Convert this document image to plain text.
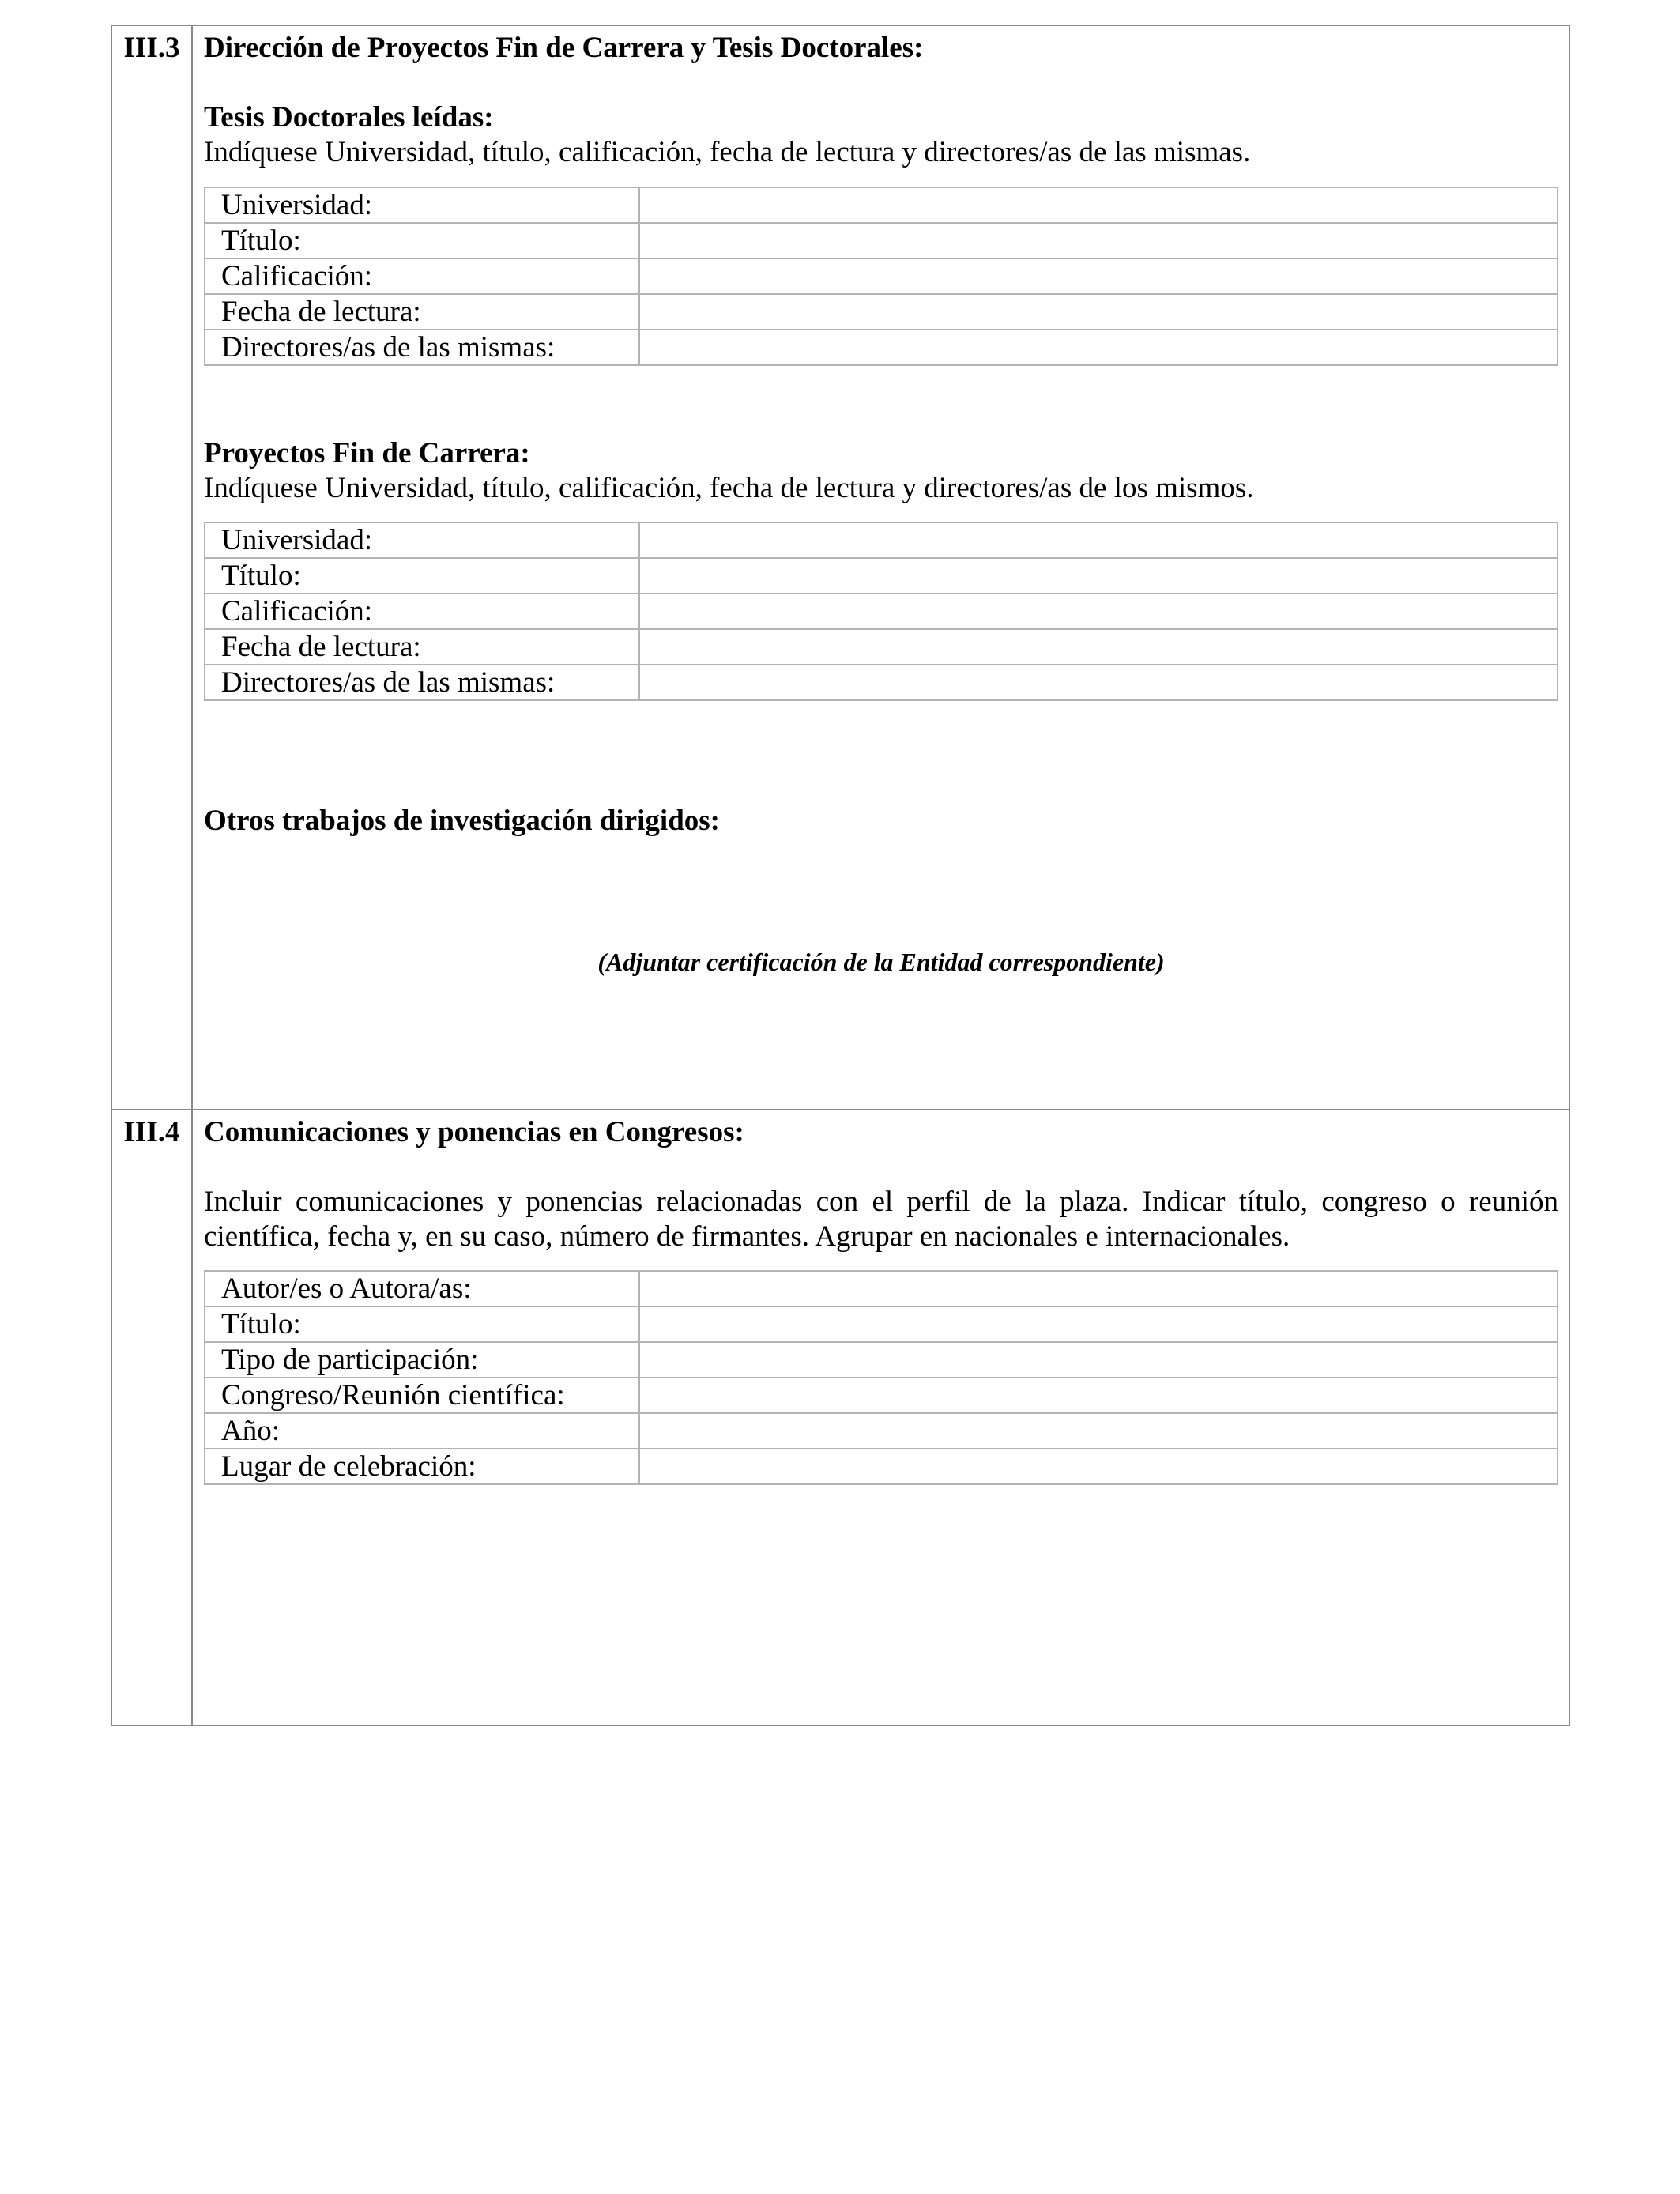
III.3	Dirección de Proyectos Fin de Carrera y Tesis Doctorales:

Tesis Doctorales leídas:

Indíquese Universidad, título, calificación, fecha de lectura y directores/as de las mismas.

Universidad:	
Título:	
Calificación:	
Fecha de lectura:	
Directores/as de las mismas:	

Proyectos Fin de Carrera:

Indíquese Universidad, título, calificación, fecha de lectura y directores/as de los mismos.

Universidad:	
Título:	
Calificación:	
Fecha de lectura:	
Directores/as de las mismas:	

Otros trabajos de investigación dirigidos:

(Adjuntar certificación de la Entidad correspondiente)

III.4	Comunicaciones y ponencias en Congresos:

Incluir comunicaciones y ponencias relacionadas con el perfil de la plaza. Indicar título, congreso o reunión científica, fecha y, en su caso, número de firmantes. Agrupar en nacionales e internacionales.

Autor/es o Autora/as:	
Título:	
Tipo de participación:	
Congreso/Reunión científica:	
Año:	
Lugar de celebración:	
